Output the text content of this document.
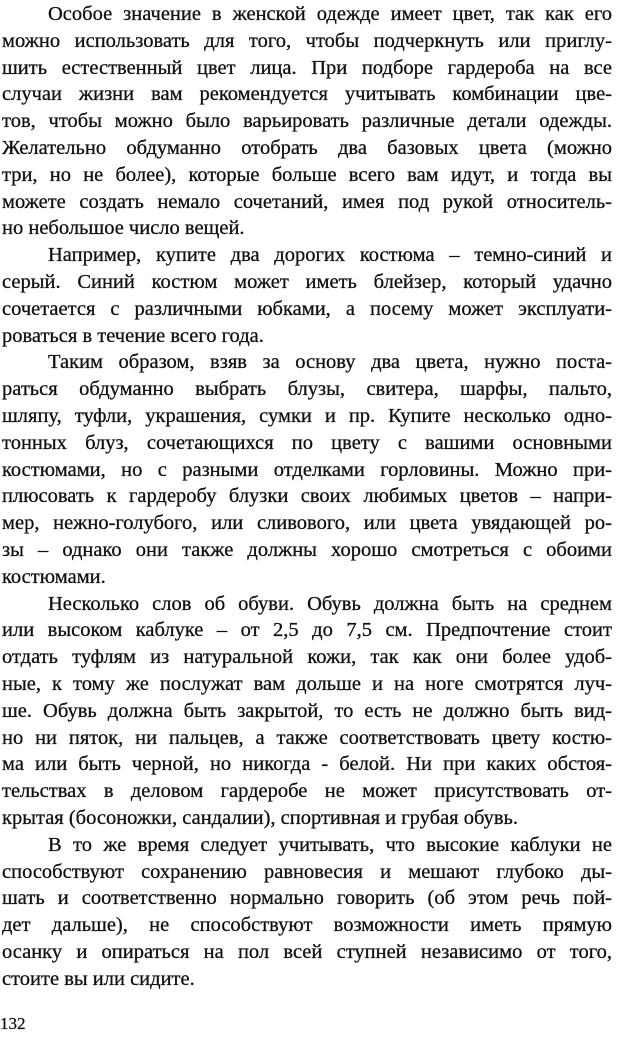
Особое значение в женской одежде имеет цвет, так как его
можно использовать для того, чтобы подчеркнуть или приглу-
шить естественный цвет лица. При подборе гардероба на все
случаи жизни вам рекомендуется учитывать комбинации цве-
тов, чтобы можно было варьировать различные детали одежды.
Желательно обдуманно отобрать два базовых цвета (можно
три, но не более), которые больше всего вам идут, и тогда вы
можете создать немало сочетаний, имея под рукой относитель-
но небольшое число вещей.
Например, купите два дорогих костюма – темно-синий и
серый. Синий костюм может иметь блейзер, который удачно
сочетается с различными юбками, а посему может эксплуати-
роваться в течение всего года.
Таким образом, взяв за основу два цвета, нужно поста-
раться обдуманно выбрать блузы, свитера, шарфы, пальто,
шляпу, туфли, украшения, сумки и пр. Купите несколько одно-
тонных блуз, сочетающихся по цвету с вашими основными
костюмами, но с разными отделками горловины. Можно при-
плюсовать к гардеробу блузки своих любимых цветов – напри-
мер, нежно-голубого, или сливового, или цвета увядающей ро-
зы – однако они также должны хорошо смотреться с обоими
костюмами.
Несколько слов об обуви. Обувь должна быть на среднем
или высоком каблуке – от 2,5 до 7,5 см. Предпочтение стоит
отдать туфлям из натуральной кожи, так как они более удоб-
ные, к тому же послужат вам дольше и на ноге смотрятся луч-
ше. Обувь должна быть закрытой, то есть не должно быть вид-
но ни пяток, ни пальцев, а также соответствовать цвету костю-
ма или быть черной, но никогда - белой. Ни при каких обстоя-
тельствах в деловом гардеробе не может присутствовать от-
крытая (босоножки, сандалии), спортивная и грубая обувь.
В то же время следует учитывать, что высокие каблуки не
способствуют сохранению равновесия и мешают глубоко ды-
шать и соответственно нормально говорить (об этом речь пой-
дет дальше), не способствуют возможности иметь прямую
осанку и опираться на пол всей ступней независимо от того,
стоите вы или сидите.
132
